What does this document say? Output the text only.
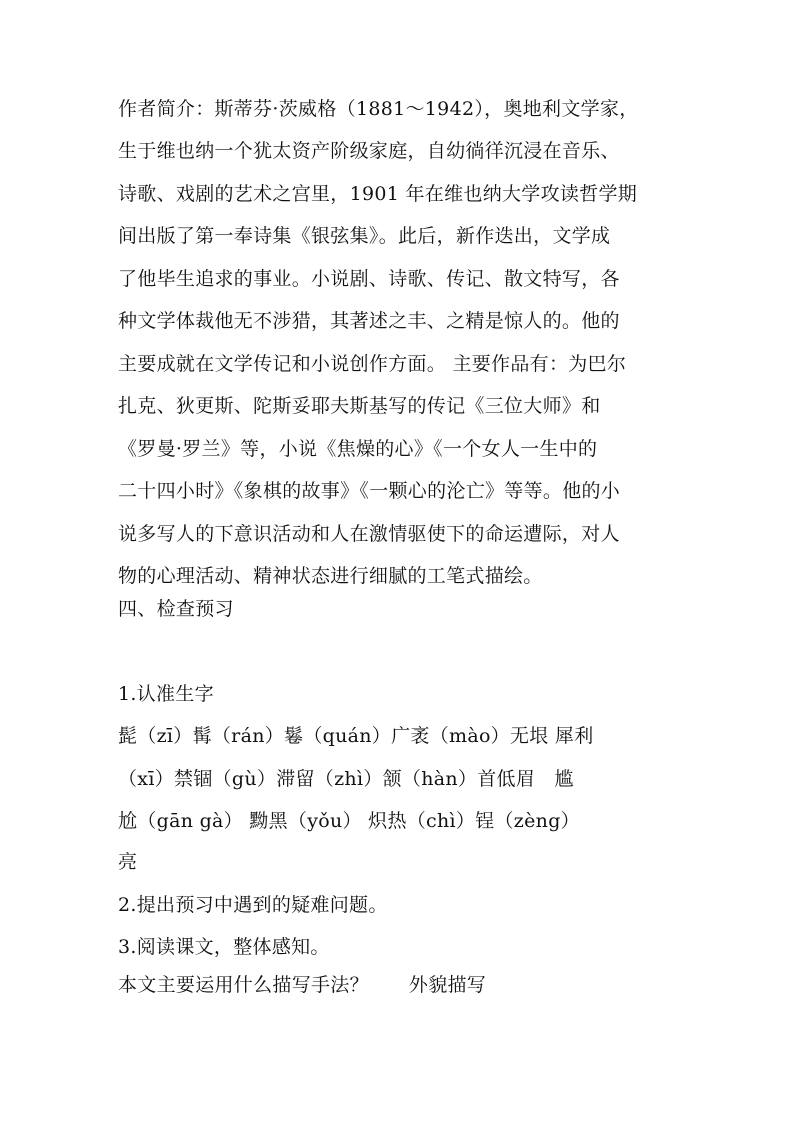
作者简介：斯蒂芬·茨威格（1881～1942），奥地利文学家，
生于维也纳一个犹太资产阶级家庭，自幼徜徉沉浸在音乐、
诗歌、戏剧的艺术之宫里，1901 年在维也纳大学攻读哲学期
间出版了第一奉诗集《银弦集》。此后，新作迭出，文学成
了他毕生追求的事业。小说剧、诗歌、传记、散文特写，各
种文学体裁他无不涉猎，其著述之丰、之精是惊人的。他的
主要成就在文学传记和小说创作方面。 主要作品有：为巴尔
扎克、狄更斯、陀斯妥耶夫斯基写的传记《三位大师》和
《罗曼·罗兰》等，小说《焦燥的心》《一个女人一生中的
二十四小时》《象棋的故事》《一颗心的沦亡》等等。他的小
说多写人的下意识活动和人在激情驱使下的命运遭际，对人
物的心理活动、精神状态进行细腻的工笔式描绘。
四、检查预习
1.认准生字
髭（zī）髯（rán）鬈（quán）广袤（mào）无垠 犀利
（xī）禁锢（gù）滞留（zhì）颔（hàn）首低眉　尴
尬（gān gà） 黝黑（yǒu） 炽热（chì）锃（zèng）
亮
2.提出预习中遇到的疑难问题。
3.阅读课文，整体感知。
本文主要运用什么描写手法？ 外貌描写
